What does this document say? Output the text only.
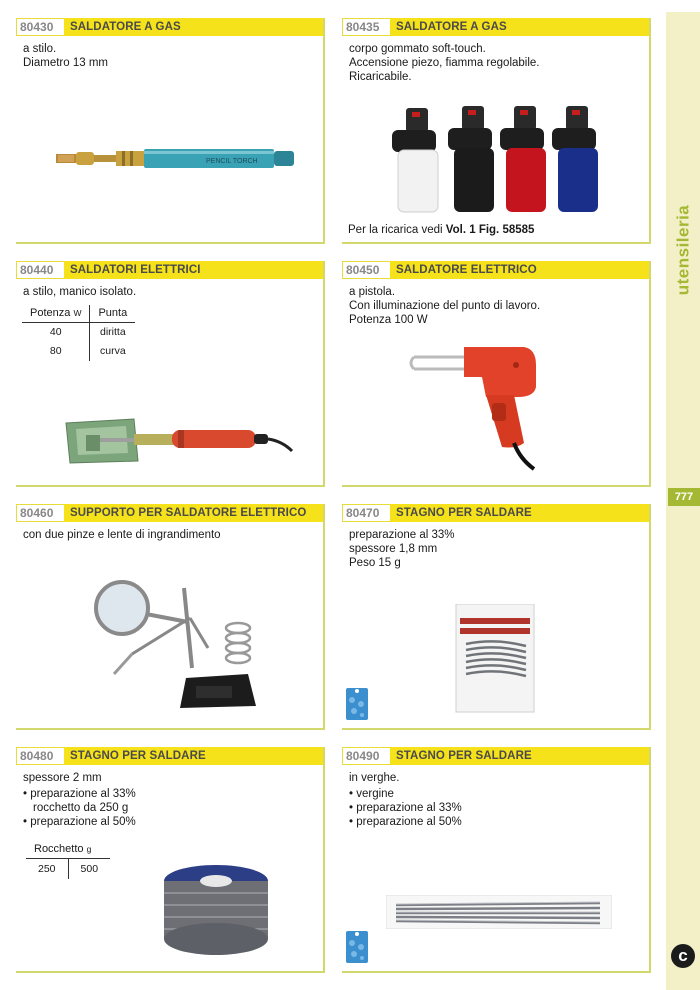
utensileria
777
c
80430	SALDATORE A GAS
a stilo.
Diametro 13 mm
PENCIL TORCH
80435	SALDATORE A GAS
corpo gommato soft-touch.
Accensione piezo, fiamma regolabile.
Ricaricabile.
Per la ricarica vedi Vol. 1 Fig. 58585
80440	SALDATORI ELETTRICI
a stilo, manico isolato.
Potenza W	Punta
40	diritta
80	curva
80450	SALDATORE ELETTRICO
a pistola.
Con illuminazione del punto di lavoro.
Potenza 100 W
80460	SUPPORTO PER SALDATORE ELETTRICO
con due pinze e lente di ingrandimento
80470	STAGNO PER SALDARE
preparazione al 33%
spessore 1,8 mm
Peso 15 g
80480	STAGNO PER SALDARE
spessore 2 mm
• preparazione al 33%
rocchetto da 250 g
• preparazione al 50%
Rocchetto g
250	500
80490	STAGNO PER SALDARE
in verghe.
• vergine
• preparazione al 33%
• preparazione al 50%
